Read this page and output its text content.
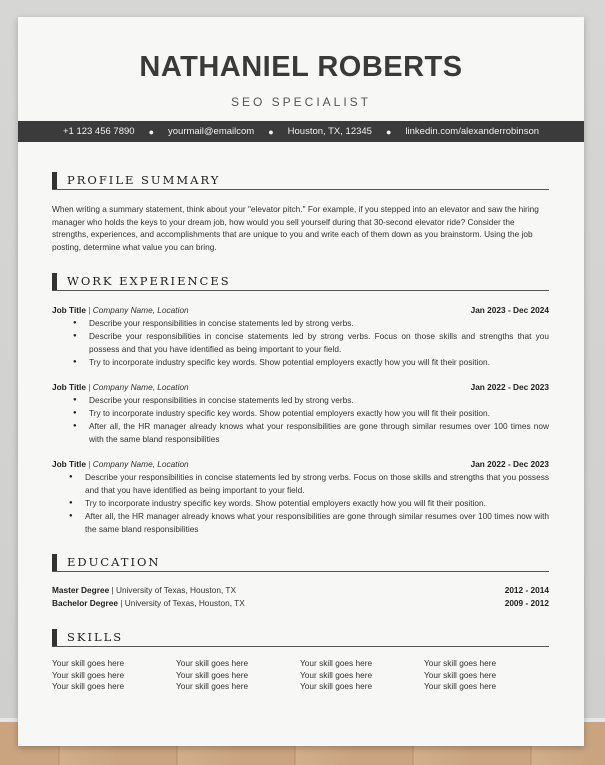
NATHANIEL ROBERTS
SEO SPECIALIST
+1 123 456 7890 ● yourmail@emailcom ● Houston, TX, 12345 ● linkedin.com/alexanderrobinson
PROFILE SUMMARY
When writing a summary statement, think about your "elevator pitch." For example, if you stepped into an elevator and saw the hiring manager who holds the keys to your dream job, how would you sell yourself during that 30-second elevator ride? Consider the strengths, experiences, and accomplishments that are unique to you and write each of them down as you brainstorm. Using the job posting, determine what value you can bring.
WORK EXPERIENCES
Job Title | Company Name, Location	Jan 2023 - Dec 2024
● Describe your responsibilities in concise statements led by strong verbs.
● Describe your responsibilities in concise statements led by strong verbs. Focus on those skills and strengths that you possess and that you have identified as being important to your field.
● Try to incorporate industry specific key words. Show potential employers exactly how you will fit their position.
Job Title | Company Name, Location	Jan 2022 - Dec 2023
● Describe your responsibilities in concise statements led by strong verbs.
● Try to incorporate industry specific key words. Show potential employers exactly how you will fit their position.
● After all, the HR manager already knows what your responsibilities are gone through similar resumes over 100 times now with the same bland responsibilities
Job Title | Company Name, Location	Jan 2022 - Dec 2023
● Describe your responsibilities in concise statements led by strong verbs. Focus on those skills and strengths that you possess and that you have identified as being important to your field.
● Try to incorporate industry specific key words. Show potential employers exactly how you will fit their position.
● After all, the HR manager already knows what your responsibilities are gone through similar resumes over 100 times now with the same bland responsibilities
EDUCATION
Master Degree | University of Texas, Houston, TX	2012 - 2014
Bachelor Degree | University of Texas, Houston, TX	2009 - 2012
SKILLS
Your skill goes here	Your skill goes here	Your skill goes here	Your skill goes here
Your skill goes here	Your skill goes here	Your skill goes here	Your skill goes here
Your skill goes here	Your skill goes here	Your skill goes here	Your skill goes here
